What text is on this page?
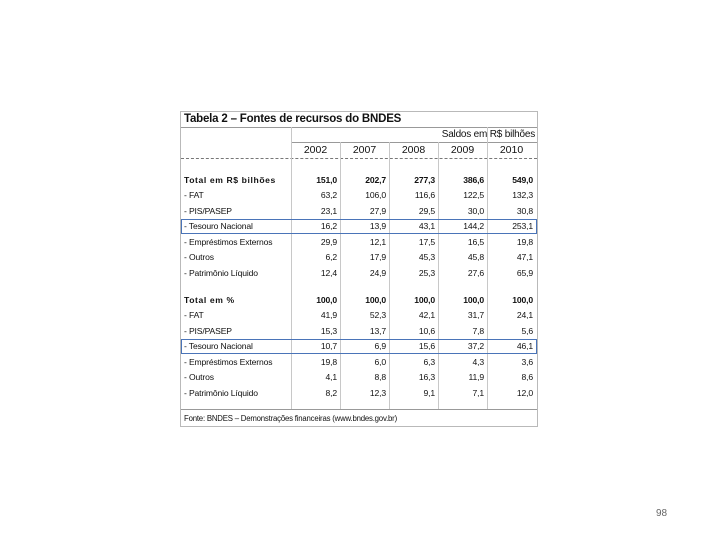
Tabela 2 – Fontes de recursos do BNDES
Saldos em R$ bilhões
2002	2007	2008	2009	2010
Total em R$ bilhões	151,0	202,7	277,3	386,6	549,0
- FAT	63,2	106,0	116,6	122,5	132,3
- PIS/PASEP	23,1	27,9	29,5	30,0	30,8
- Tesouro Nacional	16,2	13,9	43,1	144,2	253,1
- Empréstimos Externos	29,9	12,1	17,5	16,5	19,8
- Outros	6,2	17,9	45,3	45,8	47,1
- Patrimônio Líquido	12,4	24,9	25,3	27,6	65,9
Total em %	100,0	100,0	100,0	100,0	100,0
- FAT	41,9	52,3	42,1	31,7	24,1
- PIS/PASEP	15,3	13,7	10,6	7,8	5,6
- Tesouro Nacional	10,7	6,9	15,6	37,2	46,1
- Empréstimos Externos	19,8	6,0	6,3	4,3	3,6
- Outros	4,1	8,8	16,3	11,9	8,6
- Patrimônio Líquido	8,2	12,3	9,1	7,1	12,0
Fonte: BNDES – Demonstrações financeiras (www.bndes.gov.br)
98
